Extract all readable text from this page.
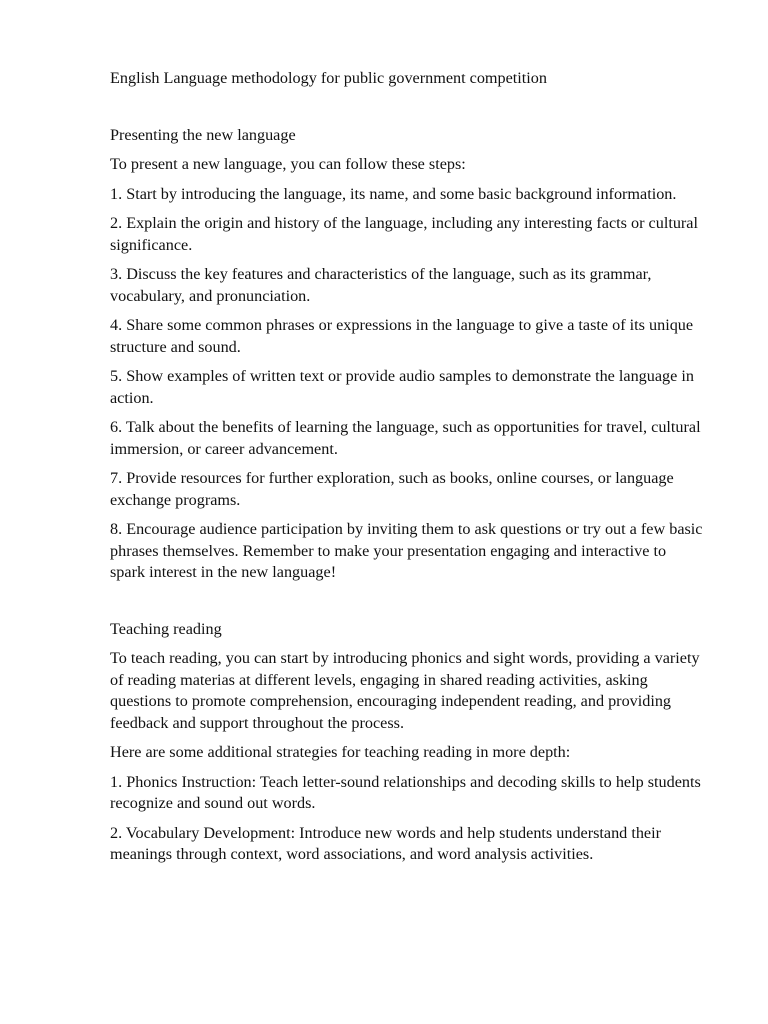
English Language methodology for public government competition
Presenting the new language
To present a new language, you can follow these steps:
1. Start by introducing the language, its name, and some basic background information.
2. Explain the origin and history of the language, including any interesting facts or cultural significance.
3. Discuss the key features and characteristics of the language, such as its grammar, vocabulary, and pronunciation.
4. Share some common phrases or expressions in the language to give a taste of its unique structure and sound.
5. Show examples of written text or provide audio samples to demonstrate the language in action.
6. Talk about the benefits of learning the language, such as opportunities for travel, cultural immersion, or career advancement.
7. Provide resources for further exploration, such as books, online courses, or language exchange programs.
8. Encourage audience participation by inviting them to ask questions or try out a few basic phrases themselves. Remember to make your presentation engaging and interactive to spark interest in the new language!
Teaching reading
To teach reading, you can start by introducing phonics and sight words, providing a variety of reading materias at different levels, engaging in shared reading activities, asking questions to promote comprehension, encouraging independent reading, and providing feedback and support throughout the process.
Here are some additional strategies for teaching reading in more depth:
1. Phonics Instruction: Teach letter-sound relationships and decoding skills to help students recognize and sound out words.
2. Vocabulary Development: Introduce new words and help students understand their meanings through context, word associations, and word analysis activities.
